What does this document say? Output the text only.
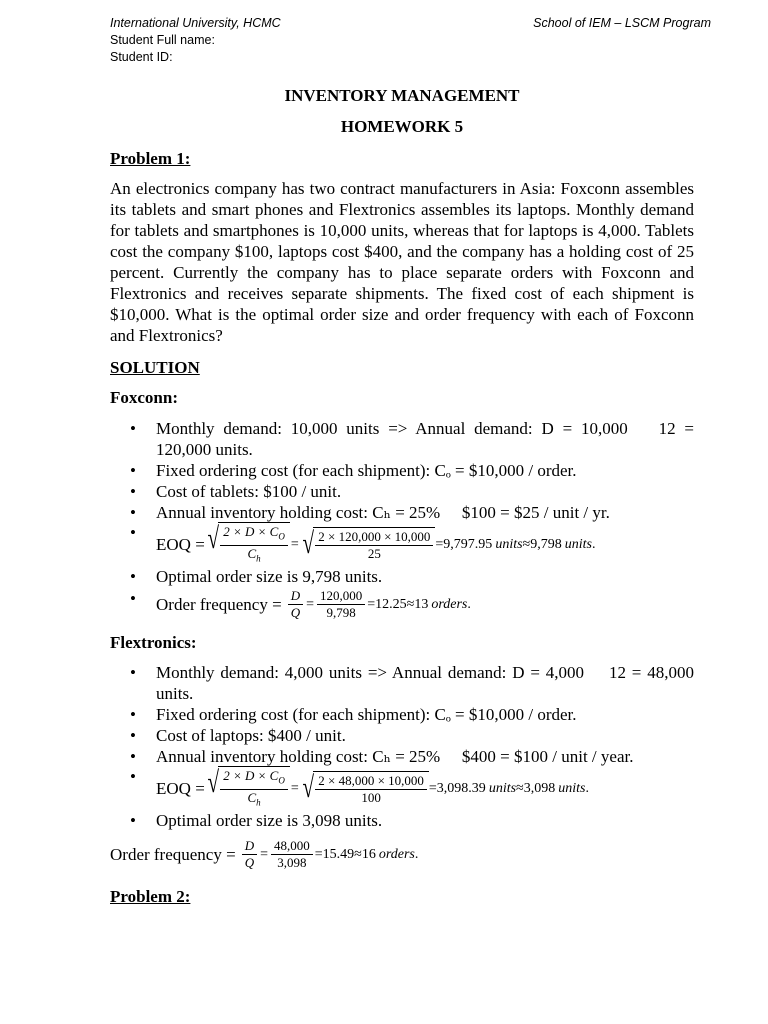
International University, HCMC
Student Full name:
Student ID:
School of IEM – LSCM Program
INVENTORY MANAGEMENT
HOMEWORK 5
Problem 1:
An electronics company has two contract manufacturers in Asia: Foxconn assembles its tablets and smart phones and Flextronics assembles its laptops. Monthly demand for tablets and smartphones is 10,000 units, whereas that for laptops is 4,000. Tablets cost the company $100, laptops cost $400, and the company has a holding cost of 25 percent. Currently the company has to place separate orders with Foxconn and Flextronics and receives separate shipments. The fixed cost of each shipment is $10,000. What is the optimal order size and order frequency with each of Foxconn and Flextronics?
SOLUTION
Foxconn:
• Monthly demand: 10,000 units => Annual demand: D = 10,000 12 = 120,000 units.
• Fixed ordering cost (for each shipment): Cₒ = $10,000 / order.
• Cost of tablets: $100 / unit.
• Annual inventory holding cost: Cₕ = 25% $100 = $25 / unit / yr.
• EOQ = √ $\frac{2 \times D \times C_O}{C_h}$ = √ $\frac{2 \times 120,000 \times 10,000}{25} =9,797.95$ units ≈9,798 units .
• Optimal order size is 9,798 units.
• Order frequency = $\frac{D}{Q} = \frac{120,000}{9,798} =12.25\approx 13$ orders .
Flextronics:
• Monthly demand: 4,000 units => Annual demand: D = 4,000 12 = 48,000 units.
• Fixed ordering cost (for each shipment): Cₒ = $10,000 / order.
• Cost of laptops: $400 / unit.
• Annual inventory holding cost: Cₕ = 25% $400 = $100 / unit / year.
• EOQ = √ $\frac{2 \times D \times C_O}{C_h}$ = √ $\frac{2 \times 48,000 \times 10,000}{100} =3,098.39$ units ≈3,098 units .
• Optimal order size is 3,098 units.
Order frequency = $\frac{D}{Q} = \frac{48,000}{3,098} =15.49\approx 16$ orders .
Problem 2:
